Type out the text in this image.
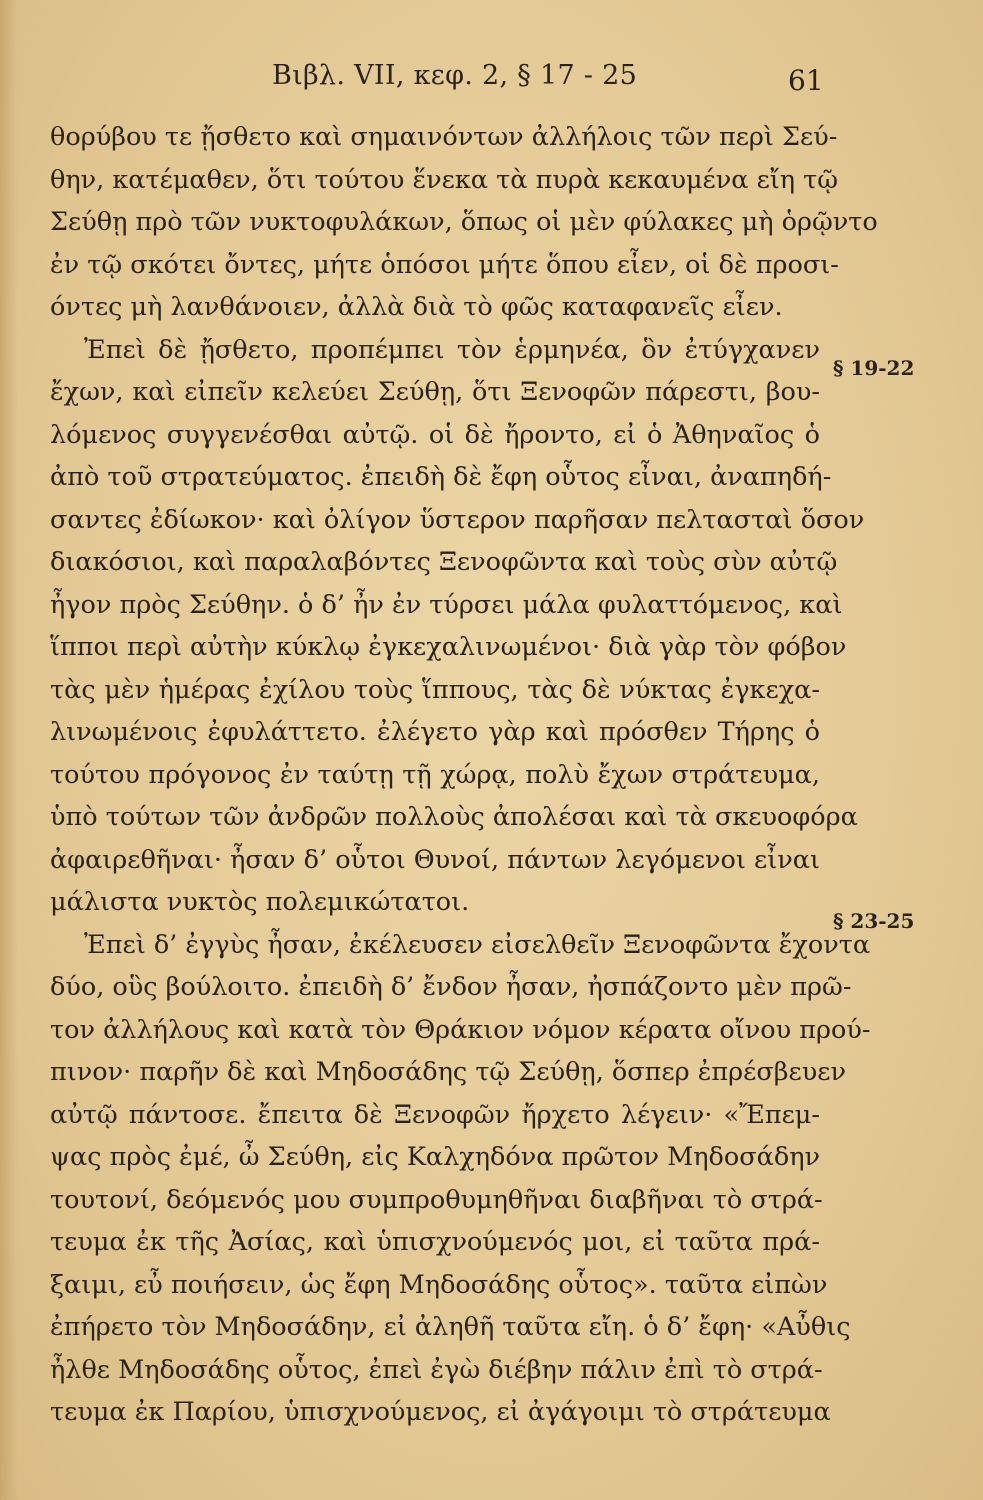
Βιβλ. VII, κεφ. 2, § 17 - 25	61
θορύβου τε ᾔσθετο καὶ σημαινόντων ἀλλήλοις τῶν περὶ Σεύ-
θην, κατέμαθεν, ὅτι τούτου ἕνεκα τὰ πυρὰ κεκαυμένα εἴη τῷ
Σεύθῃ πρὸ τῶν νυκτοφυλάκων, ὅπως οἱ μὲν φύλακες μὴ ὁρῷντο
ἐν τῷ σκότει ὄντες, μήτε ὁπόσοι μήτε ὅπου εἶεν, οἱ δὲ προσι-
όντες μὴ λανθάνοιεν, ἀλλὰ διὰ τὸ φῶς καταφανεῖς εἶεν.
Ἐπεὶ δὲ ᾔσθετο, προπέμπει τὸν ἑρμηνέα, ὃν ἐτύγχανεν
ἔχων, καὶ εἰπεῖν κελεύει Σεύθῃ, ὅτι Ξενοφῶν πάρεστι, βου-
λόμενος συγγενέσθαι αὐτῷ. οἱ δὲ ἤροντο, εἰ ὁ Ἀθηναῖος ὁ
ἀπὸ τοῦ στρατεύματος. ἐπειδὴ δὲ ἔφη οὗτος εἶναι, ἀναπηδή-
σαντες ἐδίωκον· καὶ ὀλίγον ὕστερον παρῆσαν πελτασταὶ ὅσον
διακόσιοι, καὶ παραλαβόντες Ξενοφῶντα καὶ τοὺς σὺν αὐτῷ
ἦγον πρὸς Σεύθην. ὁ δ’ ἦν ἐν τύρσει μάλα φυλαττόμενος, καὶ
ἵπποι περὶ αὐτὴν κύκλῳ ἐγκεχαλινωμένοι· διὰ γὰρ τὸν φόβον
τὰς μὲν ἡμέρας ἐχίλου τοὺς ἵππους, τὰς δὲ νύκτας ἐγκεχα-
λινωμένοις ἐφυλάττετο. ἐλέγετο γὰρ καὶ πρόσθεν Τήρης ὁ
τούτου πρόγονος ἐν ταύτῃ τῇ χώρᾳ, πολὺ ἔχων στράτευμα,
ὑπὸ τούτων τῶν ἀνδρῶν πολλοὺς ἀπολέσαι καὶ τὰ σκευοφόρα
ἀφαιρεθῆναι· ἦσαν δ’ οὗτοι Θυνοί, πάντων λεγόμενοι εἶναι
μάλιστα νυκτὸς πολεμικώτατοι.
Ἐπεὶ δ’ ἐγγὺς ἦσαν, ἐκέλευσεν εἰσελθεῖν Ξενοφῶντα ἔχοντα
δύο, οὓς βούλοιτο. ἐπειδὴ δ’ ἔνδον ἦσαν, ἠσπάζοντο μὲν πρῶ-
τον ἀλλήλους καὶ κατὰ τὸν Θράκιον νόμον κέρατα οἴνου πρού-
πινον· παρῆν δὲ καὶ Μηδοσάδης τῷ Σεύθῃ, ὅσπερ ἐπρέσβευεν
αὐτῷ πάντοσε. ἔπειτα δὲ Ξενοφῶν ἤρχετο λέγειν· «Ἔπεμ-
ψας πρὸς ἐμέ, ὦ Σεύθη, εἰς Καλχηδόνα πρῶτον Μηδοσάδην
τουτονί, δεόμενός μου συμπροθυμηθῆναι διαβῆναι τὸ στρά-
τευμα ἐκ τῆς Ἀσίας, καὶ ὑπισχνούμενός μοι, εἰ ταῦτα πρά-
ξαιμι, εὖ ποιήσειν, ὡς ἔφη Μηδοσάδης οὗτος». ταῦτα εἰπὼν
ἐπήρετο τὸν Μηδοσάδην, εἰ ἀληθῆ ταῦτα εἴη. ὁ δ’ ἔφη· «Αὖθις
ἦλθε Μηδοσάδης οὗτος, ἐπεὶ ἐγὼ διέβην πάλιν ἐπὶ τὸ στρά-
τευμα ἐκ Παρίου, ὑπισχνούμενος, εἰ ἀγάγοιμι τὸ στράτευμα
§ 19-22
§ 23-25
